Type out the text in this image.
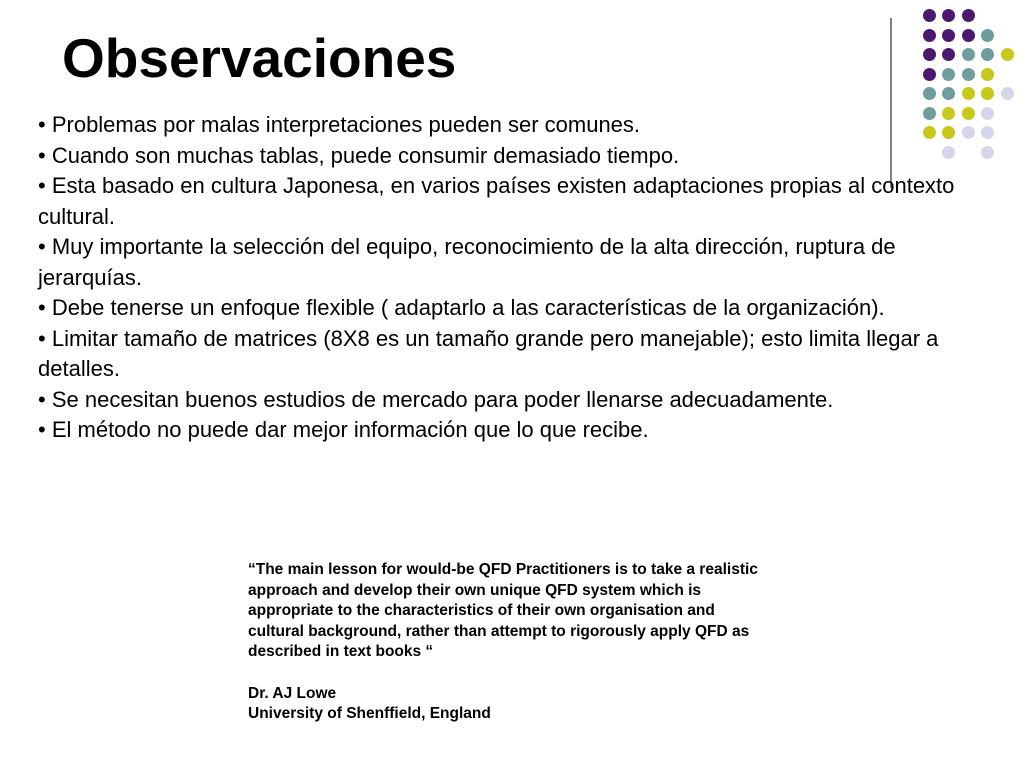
Observaciones
• Problemas por malas interpretaciones pueden ser comunes.
• Cuando son muchas tablas, puede consumir demasiado tiempo.
• Esta basado en cultura Japonesa, en varios países existen adaptaciones propias al contexto cultural.
• Muy importante la selección del equipo, reconocimiento de la alta dirección, ruptura de jerarquías.
• Debe tenerse un enfoque flexible ( adaptarlo a las características de la organización).
• Limitar tamaño de matrices (8X8 es un tamaño grande pero manejable); esto limita llegar a detalles.
• Se necesitan buenos estudios de mercado para poder llenarse adecuadamente.
• El método no puede dar mejor información que lo que recibe.

“The main lesson for would-be QFD Practitioners is to take a realistic
approach and develop their own unique QFD system which is
appropriate to the characteristics of their own organisation and
cultural background, rather than attempt to rigorously apply QFD as
described in text books “

Dr. AJ Lowe

University of Shenffield, England
